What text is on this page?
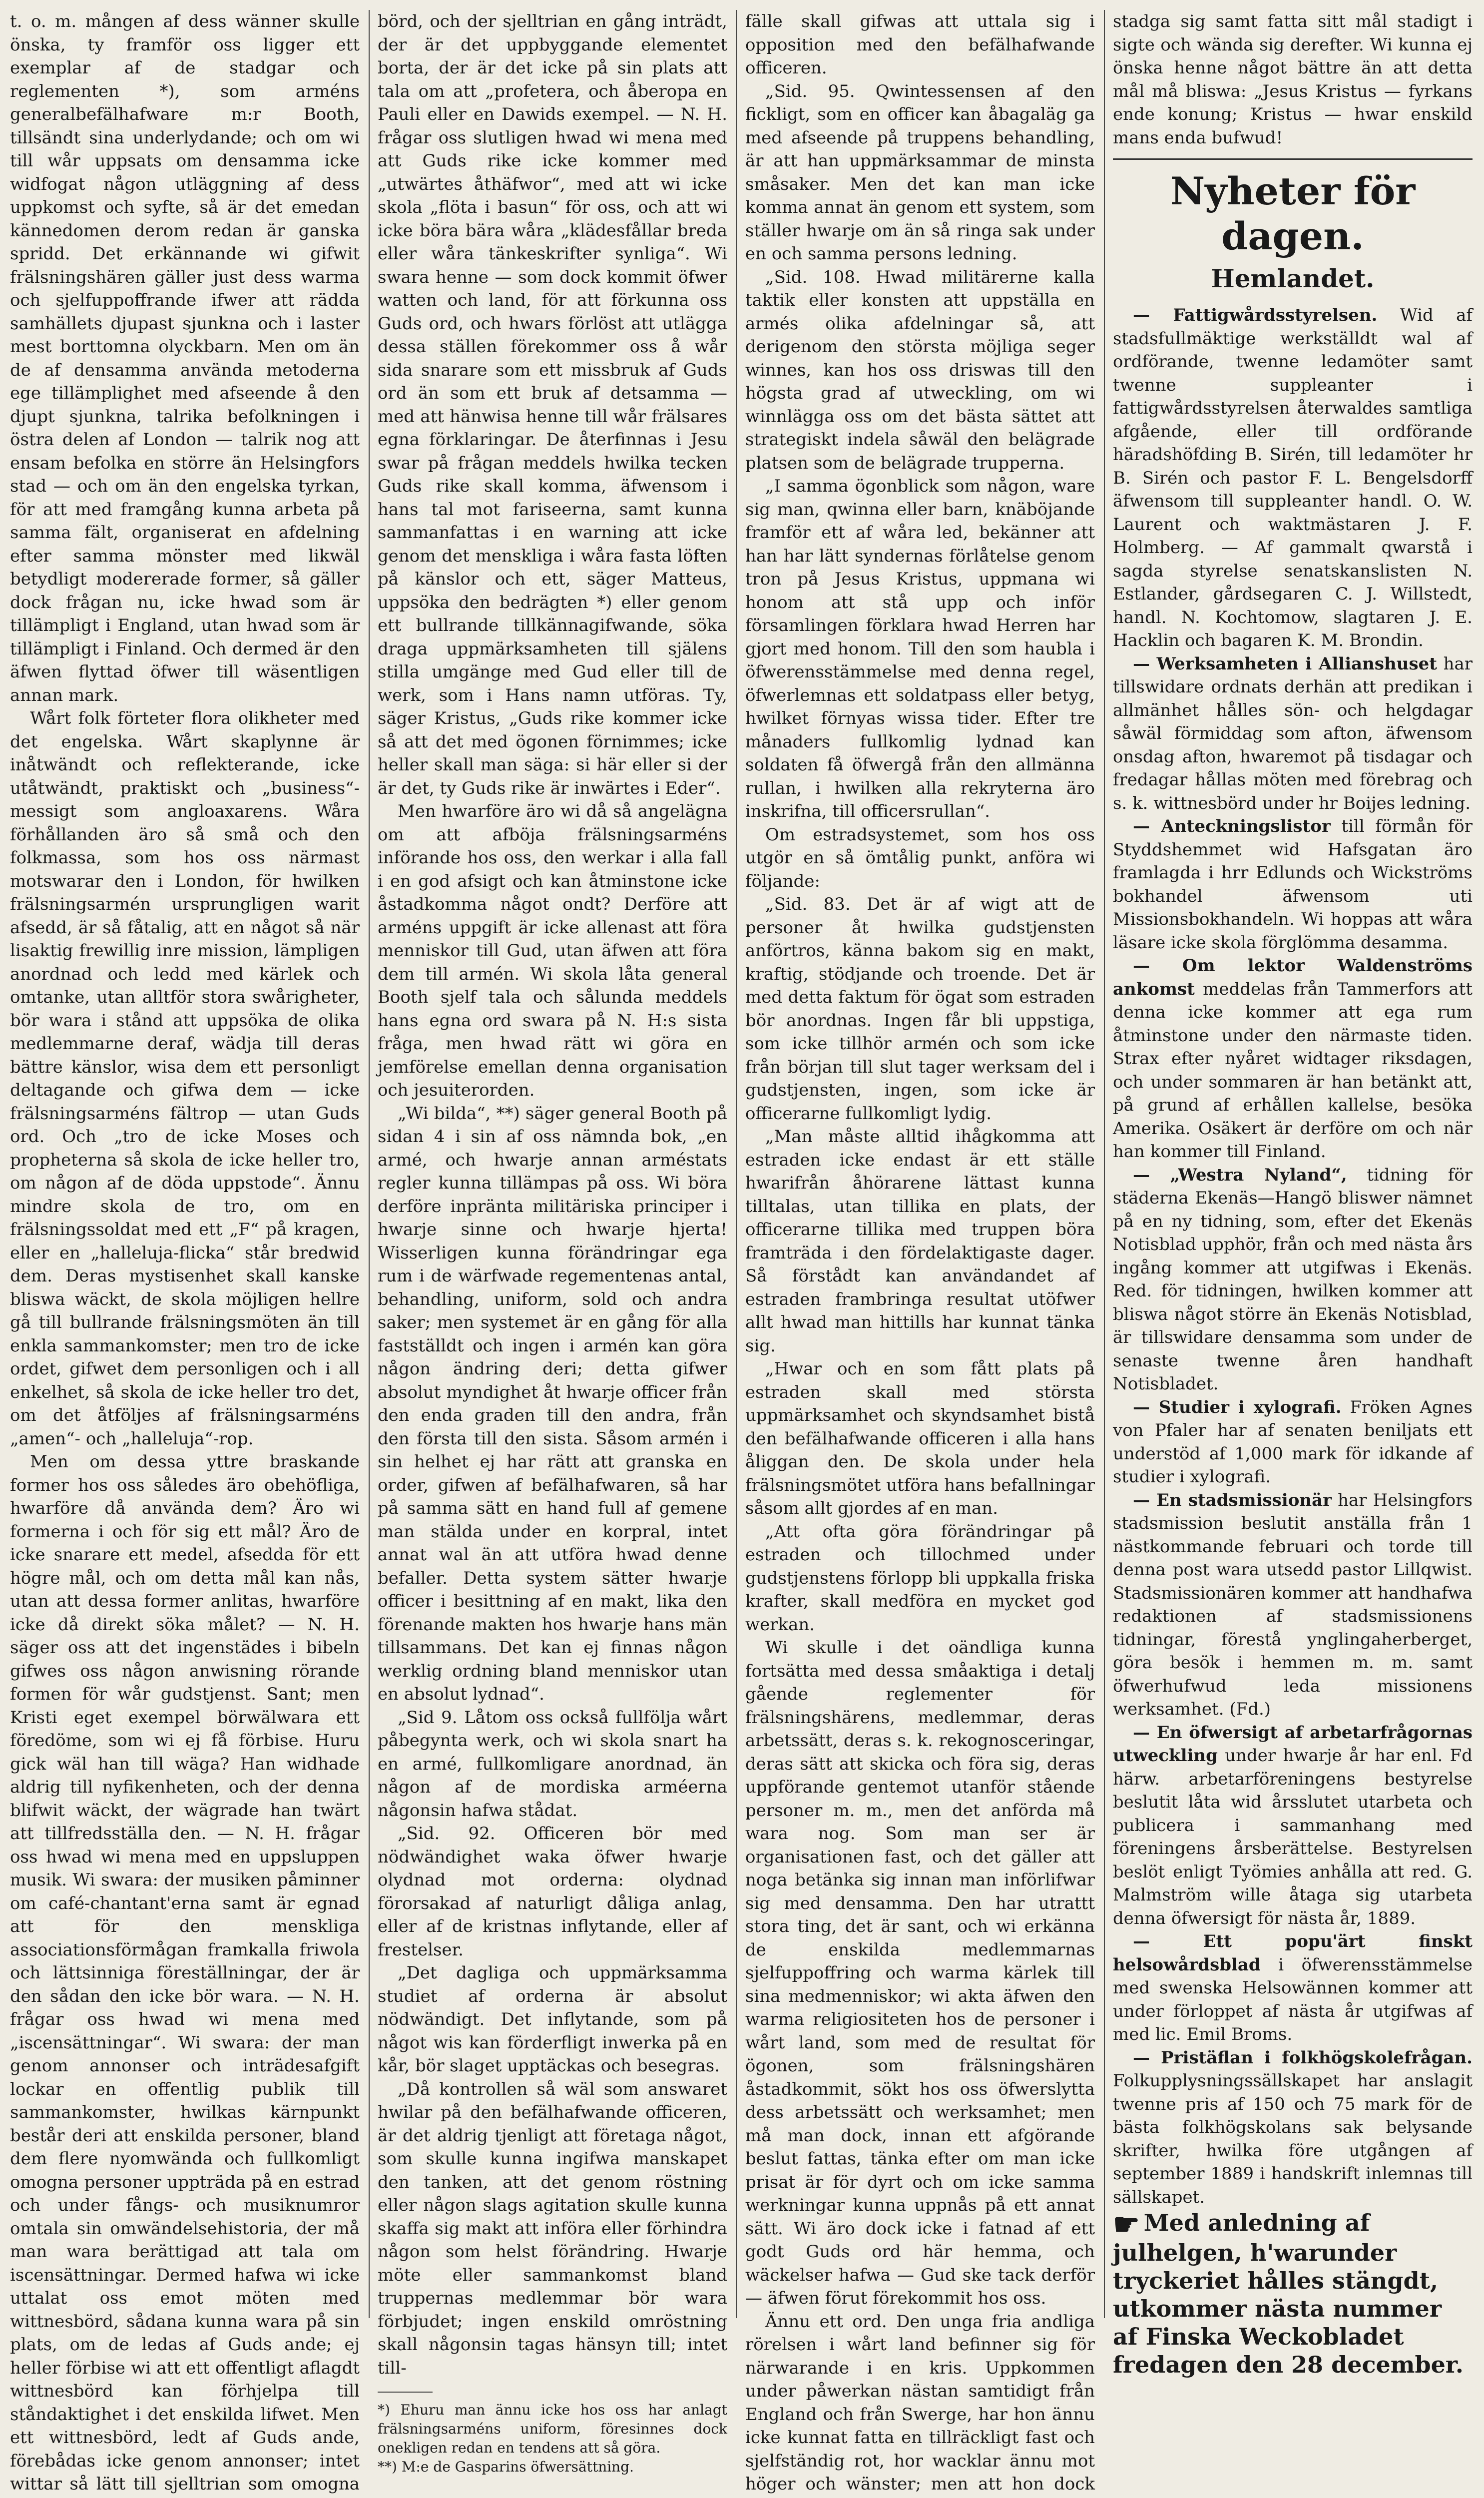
t. o. m. mången af dess wänner skulle önska, ty framför oss ligger ett exemplar af de stadgar och reglementen *), som arméns generalbefälhafware m:r Booth, tillsändt sina underlydande; och om wi till wår uppsats om densamma icke widfogat någon utläggning af dess uppkomst och syfte, så är det emedan kännedomen derom redan är ganska spridd. Det erkännande wi gifwit frälsningshären gäller just dess warma och sjelfuppoffrande ifwer att rädda samhällets djupast sjunkna och i laster mest borttomna olyckbarn. Men om än de af densamma använda metoderna ege tillämplighet med afseende å den djupt sjunkna, talrika befolkningen i östra delen af London — talrik nog att ensam befolka en större än Helsingfors stad — och om än den engelska tyrkan, för att med framgång kunna arbeta på samma fält, organiserat en afdelning efter samma mönster med likwäl betydligt modererade former, så gäller dock frågan nu, icke hwad som är tillämpligt i England, utan hwad som är tillämpligt i Finland. Och dermed är den äfwen flyttad öfwer till wäsentligen annan mark.

Wårt folk förteter flora olikheter med det engelska. Wårt skaplynne är inåtwändt och reflekterande, icke utåtwändt, praktiskt och „business“-messigt som angloaxarens. Wåra förhållanden äro så små och den folkmassa, som hos oss närmast motswarar den i London, för hwilken frälsningsarmén ursprungligen warit afsedd, är så fåtalig, att en något så när lisaktig frewillig inre mission, lämpligen anordnad och ledd med kärlek och omtanke, utan alltför stora swårigheter, bör wara i stånd att uppsöka de olika medlemmarne deraf, wädja till deras bättre känslor, wisa dem ett personligt deltagande och gifwa dem — icke frälsningsarméns fältrop — utan Guds ord. Och „tro de icke Moses och propheterna så skola de icke heller tro, om någon af de döda uppstode“. Ännu mindre skola de tro, om en frälsningssoldat med ett „F“ på kragen, eller en „halleluja-flicka“ står bredwid dem. Deras mystisenhet skall kanske bliswa wäckt, de skola möjligen hellre gå till bullrande frälsningsmöten än till enkla sammankomster; men tro de icke ordet, gifwet dem personligen och i all enkelhet, så skola de icke heller tro det, om det åtföljes af frälsningsarméns „amen“- och „halleluja“-rop.

Men om dessa yttre braskande former hos oss således äro obehöfliga, hwarföre då använda dem? Äro wi formerna i och för sig ett mål? Äro de icke snarare ett medel, afsedda för ett högre mål, och om detta mål kan nås, utan att dessa former anlitas, hwarföre icke då direkt söka målet? — N. H. säger oss att det ingenstädes i bibeln gifwes oss någon anwisning rörande formen för wår gudstjenst. Sant; men Kristi eget exempel börwälwara ett föredöme, som wi ej få förbise. Huru gick wäl han till wäga? Han widhade aldrig till nyfikenheten, och der denna blifwit wäckt, der wägrade han twärt att tillfredsställa den. — N. H. frågar oss hwad wi mena med en uppsluppen musik. Wi swara: der musiken påminner om café-chantant'erna samt är egnad att för den menskliga associationsförmågan framkalla friwola och lättsinniga föreställningar, der är den sådan den icke bör wara. — N. H. frågar oss hwad wi mena med „iscensättningar“. Wi swara: der man genom annonser och inträdesafgift lockar en offentlig publik till sammankomster, hwilkas kärnpunkt består deri att enskilda personer, bland dem flere nyomwända och fullkomligt omogna personer uppträda på en estrad och under fångs- och musiknumror omtala sin omwändelsehistoria, der må man wara berättigad att tala om iscensättningar. Dermed hafwa wi icke uttalat oss emot möten med wittnesbörd, sådana kunna wara på sin plats, om de ledas af Guds ande; ej heller förbise wi att ett offentligt aflagdt wittnesbörd kan förhjelpa till ståndaktighet i det enskilda lifwet. Men ett wittnesbörd, ledt af Guds ande, förebådas icke genom annonser; intet wittar så lätt till sjelltrian som omogna

börd, och der sjelltrian en gång inträdt, der är det uppbyggande elementet borta, der är det icke på sin plats att tala om att „profetera, och åberopa en Pauli eller en Dawids exempel. — N. H. frågar oss slutligen hwad wi mena med att Guds rike icke kommer med „utwärtes åthäfwor“, med att wi icke skola „flöta i basun“ för oss, och att wi icke böra bära wåra „klädesfållar breda eller wåra tänkeskrifter synliga“. Wi swara henne — som dock kommit öfwer watten och land, för att förkunna oss Guds ord, och hwars förlöst att utlägga dessa ställen förekommer oss å wår sida snarare som ett missbruk af Guds ord än som ett bruk af detsamma — med att hänwisa henne till wår frälsares egna förklaringar. De återfinnas i Jesu swar på frågan meddels hwilka tecken Guds rike skall komma, äfwensom i hans tal mot fariseerna, samt kunna sammanfattas i en warning att icke genom det menskliga i wåra fasta löften på känslor och ett, säger Matteus, uppsöka den bedrägten *) eller genom ett bullrande tillkännagifwande, söka draga uppmärksamheten till själens stilla umgänge med Gud eller till de werk, som i Hans namn utföras. Ty, säger Kristus, „Guds rike kommer icke så att det med ögonen förnimmes; icke heller skall man säga: si här eller si der är det, ty Guds rike är inwärtes i Eder“.

Men hwarföre äro wi då så angelägna om att afböja frälsningsarméns införande hos oss, den werkar i alla fall i en god afsigt och kan åtminstone icke åstadkomma något ondt? Derföre att arméns uppgift är icke allenast att föra menniskor till Gud, utan äfwen att föra dem till armén. Wi skola låta general Booth sjelf tala och sålunda meddels hans egna ord swara på N. H:s sista fråga, men hwad rätt wi göra en jemförelse emellan denna organisation och jesuiterorden.

„Wi bilda“, **) säger general Booth på sidan 4 i sin af oss nämnda bok, „en armé, och hwarje annan arméstats regler kunna tillämpas på oss. Wi böra derföre inpränta militäriska principer i hwarje sinne och hwarje hjerta! Wisserligen kunna förändringar ega rum i de wärfwade regementenas antal, behandling, uniform, sold och andra saker; men systemet är en gång för alla fastställdt och ingen i armén kan göra någon ändring deri; detta gifwer absolut myndighet åt hwarje officer från den enda graden till den andra, från den första till den sista. Såsom armén i sin helhet ej har rätt att granska en order, gifwen af befälhafwaren, så har på samma sätt en hand full af gemene man stälda under en korpral, intet annat wal än att utföra hwad denne befaller. Detta system sätter hwarje officer i besittning af en makt, lika den förenande makten hos hwarje hans män tillsammans. Det kan ej finnas någon werklig ordning bland menniskor utan en absolut lydnad“.

„Sid 9. Låtom oss också fullfölja wårt påbegynta werk, och wi skola snart ha en armé, fullkomligare anordnad, än någon af de mordiska arméerna någonsin hafwa stådat.

„Sid. 92. Officeren bör med nödwändighet waka öfwer hwarje olydnad mot orderna: olydnad förorsakad af naturligt dåliga anlag, eller af de kristnas inflytande, eller af frestelser.

„Det dagliga och uppmärksamma studiet af orderna är absolut nödwändigt. Det inflytande, som på något wis kan förderfligt inwerka på en kår, bör slaget upptäckas och besegras.

„Då kontrollen så wäl som answaret hwilar på den befälhafwande officeren, är det aldrig tjenligt att företaga något, som skulle kunna ingifwa manskapet den tanken, att det genom röstning eller någon slags agitation skulle kunna skaffa sig makt att införa eller förhindra någon som helst förändring. Hwarje möte eller sammankomst bland truppernas medlemmar bör wara förbjudet; ingen enskild omröstning skall någonsin tagas hänsyn till; intet till-

*) Ehuru man ännu icke hos oss har anlagt frälsningsarméns uniform, föresinnes dock onekligen redan en tendens att så göra.

**) M:e de Gasparins öfwersättning.

fälle skall gifwas att uttala sig i opposition med den befälhafwande officeren.

„Sid. 95. Qwintessensen af den fickligt, som en officer kan åbagaläg ga med afseende på truppens behandling, är att han uppmärksammar de minsta småsaker. Men det kan man icke komma annat än genom ett system, som ställer hwarje om än så ringa sak under en och samma persons ledning.

„Sid. 108. Hwad militärerne kalla taktik eller konsten att uppställa en armés olika afdelningar så, att derigenom den största möjliga seger winnes, kan hos oss driswas till den högsta grad af utweckling, om wi winnlägga oss om det bästa sättet att strategiskt indela såwäl den belägrade platsen som de belägrade trupperna.

„I samma ögonblick som någon, ware sig man, qwinna eller barn, knäböjande framför ett af wåra led, bekänner att han har lätt syndernas förlåtelse genom tron på Jesus Kristus, uppmana wi honom att stå upp och inför församlingen förklara hwad Herren har gjort med honom. Till den som haubla i öfwerensstämmelse med denna regel, öfwerlemnas ett soldatpass eller betyg, hwilket förnyas wissa tider. Efter tre månaders fullkomlig lydnad kan soldaten få öfwergå från den allmänna rullan, i hwilken alla rekryterna äro inskrifna, till officersrullan“.

Om estradsystemet, som hos oss utgör en så ömtålig punkt, anföra wi följande:

„Sid. 83. Det är af wigt att de personer åt hwilka gudstjensten anförtros, känna bakom sig en makt, kraftig, stödjande och troende. Det är med detta faktum för ögat som estraden bör anordnas. Ingen får bli uppstiga, som icke tillhör armén och som icke från början till slut tager werksam del i gudstjensten, ingen, som icke är officerarne fullkomligt lydig.

„Man måste alltid ihågkomma att estraden icke endast är ett ställe hwarifrån åhörarene lättast kunna tilltalas, utan tillika en plats, der officerarne tillika med truppen böra framträda i den fördelaktigaste dager. Så förstådt kan användandet af estraden frambringa resultat utöfwer allt hwad man hittills har kunnat tänka sig.

„Hwar och en som fått plats på estraden skall med största uppmärksamhet och skyndsamhet bistå den befälhafwande officeren i alla hans åliggan den. De skola under hela frälsningsmötet utföra hans befallningar såsom allt gjordes af en man.

„Att ofta göra förändringar på estraden och tillochmed under gudstjenstens förlopp bli uppkalla friska krafter, skall medföra en mycket god werkan.

Wi skulle i det oändliga kunna fortsätta med dessa småaktiga i detalj gående reglementer för frälsningshärens, medlemmar, deras arbetssätt, deras s. k. rekognosceringar, deras sätt att skicka och föra sig, deras uppförande gentemot utanför stående personer m. m., men det anförda må wara nog. Som man ser är organisationen fast, och det gäller att noga betänka sig innan man införlifwar sig med densamma. Den har utrattt stora ting, det är sant, och wi erkänna de enskilda medlemmarnas sjelfuppoffring och warma kärlek till sina medmenniskor; wi akta äfwen den warma religiositeten hos de personer i wårt land, som med de resultat för ögonen, som frälsningshären åstadkommit, sökt hos oss öfwerslytta dess arbetssätt och werksamhet; men må man dock, innan ett afgörande beslut fattas, tänka efter om man icke prisat är för dyrt och om icke samma werkningar kunna uppnås på ett annat sätt. Wi äro dock icke i fatnad af ett godt Guds ord här hemma, och wäckelser hafwa — Gud ske tack derför — äfwen förut förekommit hos oss.

Ännu ett ord. Den unga fria andliga rörelsen i wårt land befinner sig för närwarande i en kris. Uppkommen under påwerkan nästan samtidigt från England och från Swerge, har hon ännu icke kunnat fatta en tillräckligt fast och sjelfständig rot, hor wacklar ännu mot höger och wänster; men att hon dock

stadga sig samt fatta sitt mål stadigt i sigte och wända sig derefter. Wi kunna ej önska henne något bättre än att detta mål må bliswa: „Jesus Kristus — fyrkans ende konung; Kristus — hwar enskild mans enda bufwud!

Nyheter för dagen.
Hemlandet.

— Fattigwårdsstyrelsen. Wid af stadsfullmäktige werkställdt wal af ordförande, twenne ledamöter samt twenne suppleanter i fattigwårdsstyrelsen återwaldes samtliga afgående, eller till ordförande häradshöfding B. Sirén, till ledamöter hr B. Sirén och pastor F. L. Bengelsdorff äfwensom till suppleanter handl. O. W. Laurent och waktmästaren J. F. Holmberg. — Af gammalt qwarstå i sagda styrelse senatskanslisten N. Estlander, gårdsegaren C. J. Willstedt, handl. N. Kochtomow, slagtaren J. E. Hacklin och bagaren K. M. Brondin.

— Werksamheten i Allianshuset har tillswidare ordnats derhän att predikan i allmänhet hålles sön- och helgdagar såwäl förmiddag som afton, äfwensom onsdag afton, hwaremot på tisdagar och fredagar hållas möten med förebrag och s. k. wittnesbörd under hr Boijes ledning.

— Anteckningslistor till förmån för Styddshemmet wid Hafsgatan äro framlagda i hrr Edlunds och Wickströms bokhandel äfwensom uti Missionsbokhandeln. Wi hoppas att wåra läsare icke skola förglömma desamma.

— Om lektor Waldenströms ankomst meddelas från Tammerfors att denna icke kommer att ega rum åtminstone under den närmaste tiden. Strax efter nyåret widtager riksdagen, och under sommaren är han betänkt att, på grund af erhållen kallelse, besöka Amerika. Osäkert är derföre om och när han kommer till Finland.

— „Westra Nyland“, tidning för städerna Ekenäs—Hangö bliswer nämnet på en ny tidning, som, efter det Ekenäs Notisblad upphör, från och med nästa års ingång kommer att utgifwas i Ekenäs. Red. för tidningen, hwilken kommer att bliswa något större än Ekenäs Notisblad, är tillswidare densamma som under de senaste twenne åren handhaft Notisbladet.

— Studier i xylografi. Fröken Agnes von Pfaler har af senaten beniljats ett understöd af 1,000 mark för idkande af studier i xylografi.

— En stadsmissionär har Helsingfors stadsmission beslutit anställa från 1 nästkommande februari och torde till denna post wara utsedd pastor Lillqwist. Stadsmissionären kommer att handhafwa redaktionen af stadsmissionens tidningar, förestå ynglingaherberget, göra besök i hemmen m. m. samt öfwerhufwud leda missionens werksamhet. (Fd.)

— En öfwersigt af arbetarfrågornas utweckling under hwarje år har enl. Fd härw. arbetarföreningens bestyrelse beslutit låta wid årsslutet utarbeta och publicera i sammanhang med föreningens årsberättelse. Bestyrelsen beslöt enligt Työmies anhålla att red. G. Malmström wille åtaga sig utarbeta denna öfwersigt för nästa år, 1889.

— Ett popu'ärt finskt helsowårdsblad i öfwerensstämmelse med swenska Helsowännen kommer att under förloppet af nästa år utgifwas af med lic. Emil Broms.

— Pristäflan i folkhögskolefrågan. Folkupplysningssällskapet har anslagit twenne pris af 150 och 75 mark för de bästa folkhögskolans sak belysande skrifter, hwilka före utgången af september 1889 i handskrift inlemnas till sällskapet.

☛ Med anledning af julhelgen, h'warunder tryckeriet hålles stängdt, utkommer nästa nummer af Finska Weckobladet fredagen den 28 december.
